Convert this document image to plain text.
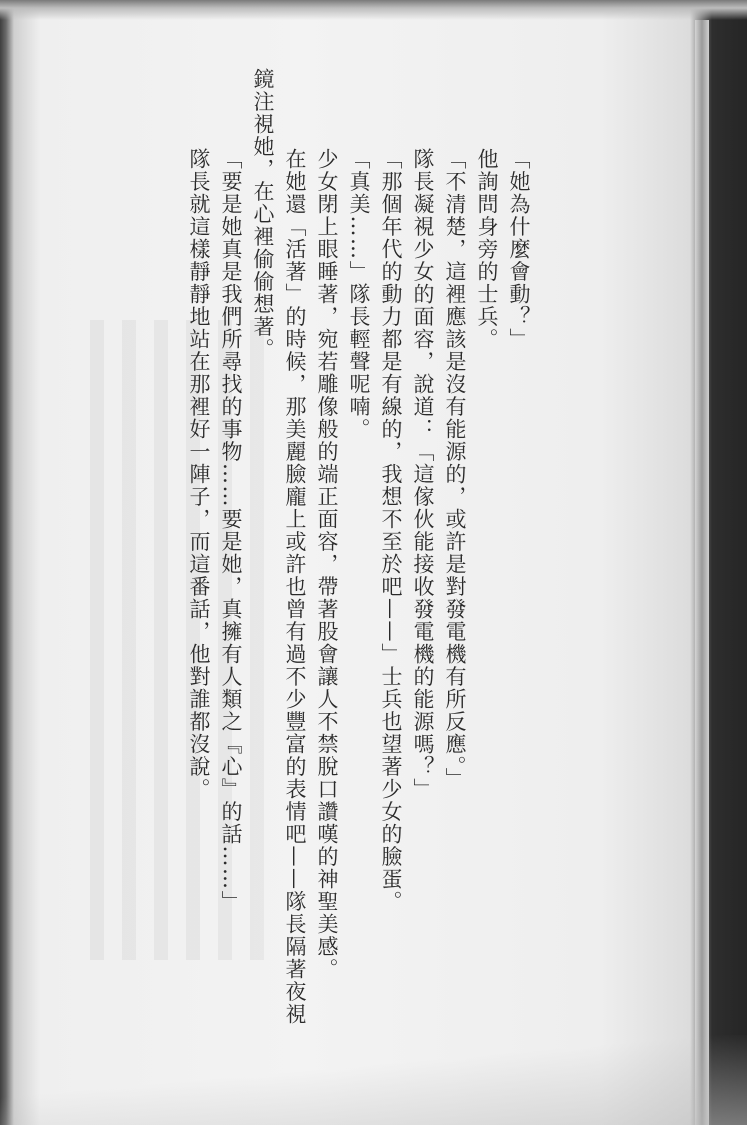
「她為什麼會動？」

他詢問身旁的士兵。

「不清楚，這裡應該是沒有能源的，或許是對發電機有所反應。」

隊長凝視少女的面容，說道：「這傢伙能接收發電機的能源嗎？」

「那個年代的動力都是有線的，我想不至於吧——」士兵也望著少女的臉蛋。

「真美……」隊長輕聲呢喃。

少女閉上眼睡著，宛若雕像般的端正面容，帶著股會讓人不禁脫口讚嘆的神聖美感。

在她還「活著」的時候，那美麗臉龐上或許也曾有過不少豐富的表情吧——隊長隔著夜視

鏡注視她，在心裡偷偷想著。

「要是她真是我們所尋找的事物……要是她，真擁有人類之『心』的話……」

隊長就這樣靜靜地站在那裡好一陣子，而這番話，他對誰都沒說。
